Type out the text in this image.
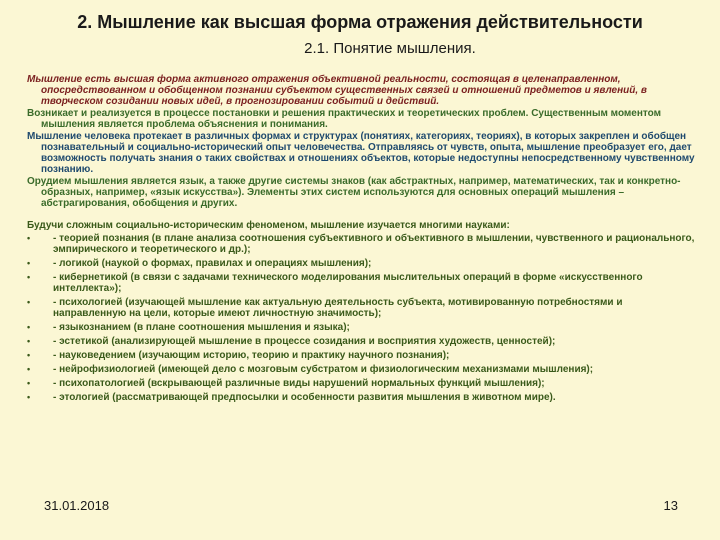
2. Мышление как высшая форма отражения действительности
2.1. Понятие мышления.

Мышление есть высшая форма активного отражения объективной реальности, состоящая в целенаправленном, опосредствованном и обобщенном познании субъектом существенных связей и отношений предметов и явлений, в творческом созидании новых идей, в прогнозировании событий и действий.

Возникает и реализуется в процессе постановки и решения практических и теоретических проблем. Существенным моментом мышления является проблема объяснения и понимания.

Мышление человека протекает в различных формах и структурах (понятиях, категориях, теориях), в которых закреплен и обобщен познавательный и социально-исторический опыт человечества. Отправляясь от чувств, опыта, мышление преобразует его, дает возможность получать знания о таких свойствах и отношениях объектов, которые недоступны непосредственному чувственному познанию.

Орудием мышления является язык, а также другие системы знаков (как абстрактных, например, математических, так и конкретно-образных, например, «язык искусства»). Элементы этих систем используются для основных операций мышления – абстрагирования, обобщения и других.

Будучи сложным социально-историческим феноменом, мышление изучается многими науками:

• - теорией познания (в плане анализа соотношения субъективного и объективного в мышлении, чувственного и рационального, эмпирического и теоретического и др.);
• - логикой (наукой о формах, правилах и операциях мышления);
• - кибернетикой (в связи с задачами технического моделирования мыслительных операций в форме «искусственного интеллекта»);
• - психологией (изучающей мышление как актуальную деятельность субъекта, мотивированную потребностями и направленную на цели, которые имеют личностную значимость);
• - языкознанием (в плане соотношения мышления и языка);
• - эстетикой (анализирующей мышление в процессе созидания и восприятия художеств, ценностей);
• - науковедением (изучающим историю, теорию и практику научного познания);
• - нейрофизиологией (имеющей дело с мозговым субстратом и физиологическим механизмами мышления);
• - психопатологией (вскрывающей различные виды нарушений нормальных функций мышления);
• - этологией (рассматривающей предпосылки и особенности развития мышления в животном мире).
31.01.2018	13
